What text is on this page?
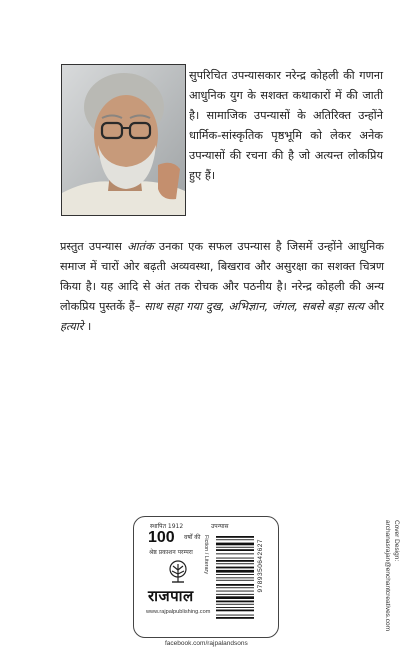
सुपरिचित उपन्यासकार नरेन्द्र कोहली की गणना आधुनिक युग के सशक्त कथाकारों में की जाती है। सामाजिक उपन्यासों के अतिरिक्त उन्होंने धार्मिक-सांस्कृतिक पृष्ठभूमि को लेकर अनेक उपन्यासों की रचना की है जो अत्यन्त लोकप्रिय हुए हैं।
प्रस्तुत उपन्यास आतंक उनका एक सफल उपन्यास है जिसमें उन्होंने आधुनिक समाज में चारों ओर बढ़ती अव्यवस्था, बिखराव और असुरक्षा का सशक्त चित्रण किया है। यह आदि से अंत तक रोचक और पठनीय है। नरेन्द्र कोहली की अन्य लोकप्रिय पुस्तकें हैं– साथ सहा गया दुख, अभिज्ञान, जंगल, सबसे बड़ा सत्य और हत्यारे ।
Cover Design:
archanasrajan@enchantcreatives.com
स्थापित 1912
100 वर्षों की
श्रेष्ठ प्रकाशन परम्परा
राजपाल
www.rajpalpublishing.com
उपन्यास
Fiction / Literary	9789350642627
facebook.com/rajpalandsons
